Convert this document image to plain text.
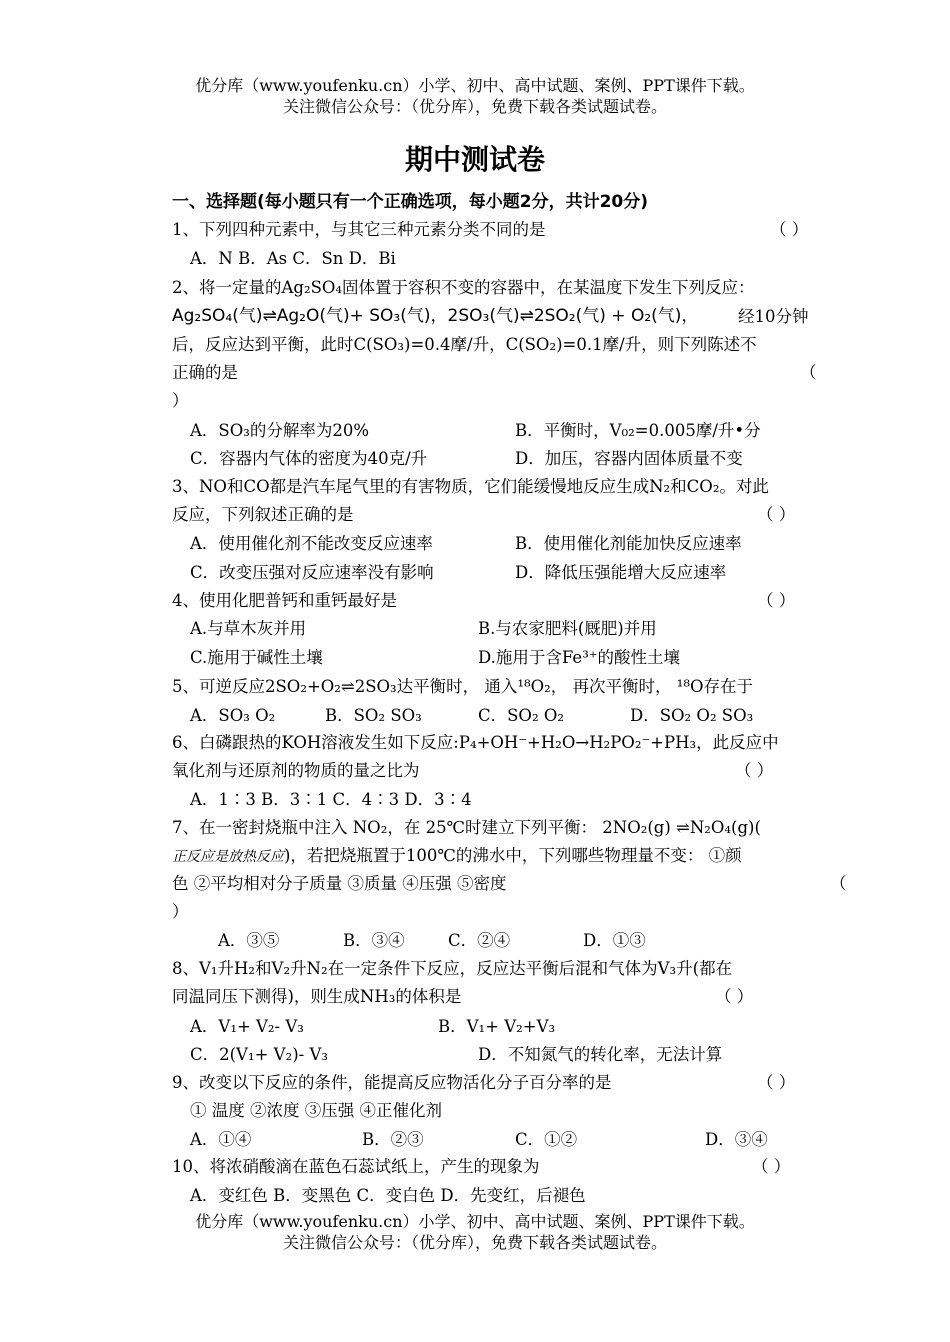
优分库（www.youfenku.cn）小学、初中、高中试题、案例、PPT课件下载。
关注微信公众号：（优分库），免费下载各类试题试卷。
期中测试卷
一、选择题(每小题只有一个正确选项，每小题2分，共计20分)
1、下列四种元素中，与其它三种元素分类不同的是	（ ）
A．N B．As C．Sn D．Bi
2、将一定量的Ag₂SO₄固体置于容积不变的容器中，在某温度下发生下列反应：
Ag₂SO₄(气)⇌Ag₂O(气)+ SO₃(气)，2SO₃(气)⇌2SO₂(气) + O₂(气)， 经10分钟
后，反应达到平衡，此时C(SO₃)=0.4摩/升，C(SO₂)=0.1摩/升，则下列陈述不
正确的是	（
）
A．SO₃的分解率为20%	B．平衡时，V₀₂=0.005摩/升•分
C．容器内气体的密度为40克/升	D．加压，容器内固体质量不变
3、NO和CO都是汽车尾气里的有害物质，它们能缓慢地反应生成N₂和CO₂。对此
反应，下列叙述正确的是	（ ）
A．使用催化剂不能改变反应速率	B．使用催化剂能加快反应速率
C．改变压强对反应速率没有影响	D．降低压强能增大反应速率
4、使用化肥普钙和重钙最好是	（ ）
A.与草木灰并用	B.与农家肥料(厩肥)并用
C.施用于碱性土壤	D.施用于含Fe³⁺的酸性土壤
5、可逆反应2SO₂+O₂⇌2SO₃达平衡时， 通入¹⁸O₂， 再次平衡时， ¹⁸O存在于
A．SO₃ O₂	B．SO₂ SO₃	C．SO₂ O₂	D．SO₂ O₂ SO₃
6、白磷跟热的KOH溶液发生如下反应:P₄+OH⁻+H₂O→H₂PO₂⁻+PH₃，此反应中
氧化剂与还原剂的物质的量之比为	（ ）
A．1∶3 B．3∶1 C．4∶3 D．3∶4
7、在一密封烧瓶中注入 NO₂，在 25℃时建立下列平衡： 2NO₂(g) ⇌N₂O₄(g)(
正反应是放热反应)，若把烧瓶置于100℃的沸水中，下列哪些物理量不变： ①颜
色 ②平均相对分子质量 ③质量 ④压强 ⑤密度	（
）
A．③⑤	B．③④	C．②④	D．①③
8、V₁升H₂和V₂升N₂在一定条件下反应，反应达平衡后混和气体为V₃升(都在
同温同压下测得)，则生成NH₃的体积是	（ ）
A．V₁+ V₂- V₃	B．V₁+ V₂+V₃
C．2(V₁+ V₂)- V₃	D．不知氮气的转化率，无法计算
9、改变以下反应的条件，能提高反应物活化分子百分率的是	（ ）
① 温度 ②浓度 ③压强 ④正催化剂
A．①④	B．②③	C．①②	D．③④
10、将浓硝酸滴在蓝色石蕊试纸上，产生的现象为	（ ）
A．变红色 B．变黑色 C．变白色 D．先变红，后褪色
优分库（www.youfenku.cn）小学、初中、高中试题、案例、PPT课件下载。
关注微信公众号：（优分库），免费下载各类试题试卷。
